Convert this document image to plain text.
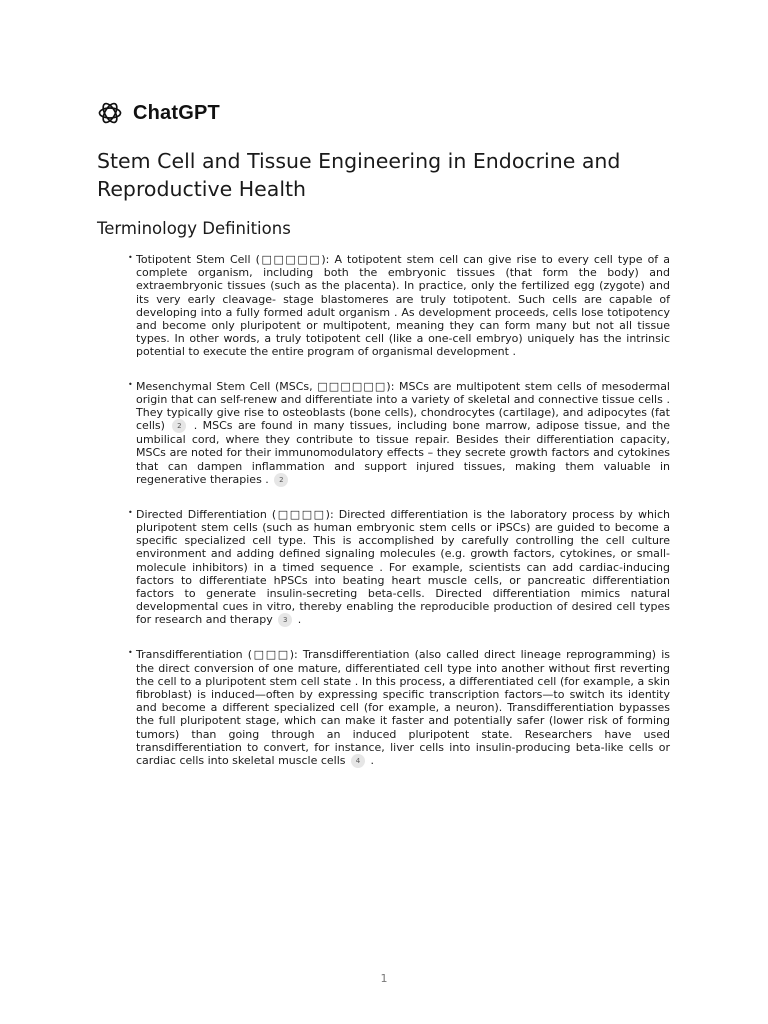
ChatGPT
Stem Cell and Tissue Engineering in Endocrine and Reproductive Health
Terminology Definitions
• Totipotent Stem Cell (□□□□□): A totipotent stem cell can give rise to every cell type of a complete organism, including both the embryonic tissues (that form the body) and extraembryonic tissues (such as the placenta). In practice, only the fertilized egg (zygote) and its very early cleavage- stage blastomeres are truly totipotent. Such cells are capable of developing into a fully formed adult organism . As development proceeds, cells lose totipotency and become only pluripotent or multipotent, meaning they can form many but not all tissue types. In other words, a truly totipotent cell (like a one-cell embryo) uniquely has the intrinsic potential to execute the entire program of organismal development .
• Mesenchymal Stem Cell (MSCs, □□□□□□): MSCs are multipotent stem cells of mesodermal origin that can self-renew and differentiate into a variety of skeletal and connective tissue cells . They typically give rise to osteoblasts (bone cells), chondrocytes (cartilage), and adipocytes (fat cells) 2 . MSCs are found in many tissues, including bone marrow, adipose tissue, and the umbilical cord, where they contribute to tissue repair. Besides their differentiation capacity, MSCs are noted for their immunomodulatory effects – they secrete growth factors and cytokines that can dampen inflammation and support injured tissues, making them valuable in regenerative therapies . 2
• Directed Differentiation (□□□□): Directed differentiation is the laboratory process by which pluripotent stem cells (such as human embryonic stem cells or iPSCs) are guided to become a specific specialized cell type. This is accomplished by carefully controlling the cell culture environment and adding defined signaling molecules (e.g. growth factors, cytokines, or small-molecule inhibitors) in a timed sequence . For example, scientists can add cardiac-inducing factors to differentiate hPSCs into beating heart muscle cells, or pancreatic differentiation factors to generate insulin-secreting beta-cells. Directed differentiation mimics natural developmental cues in vitro, thereby enabling the reproducible production of desired cell types for research and therapy 3 .
• Transdifferentiation (□□□): Transdifferentiation (also called direct lineage reprogramming) is the direct conversion of one mature, differentiated cell type into another without first reverting the cell to a pluripotent stem cell state . In this process, a differentiated cell (for example, a skin fibroblast) is induced—often by expressing specific transcription factors—to switch its identity and become a different specialized cell (for example, a neuron). Transdifferentiation bypasses the full pluripotent stage, which can make it faster and potentially safer (lower risk of forming tumors) than going through an induced pluripotent state. Researchers have used transdifferentiation to convert, for instance, liver cells into insulin-producing beta-like cells or cardiac cells into skeletal muscle cells 4 .
1
